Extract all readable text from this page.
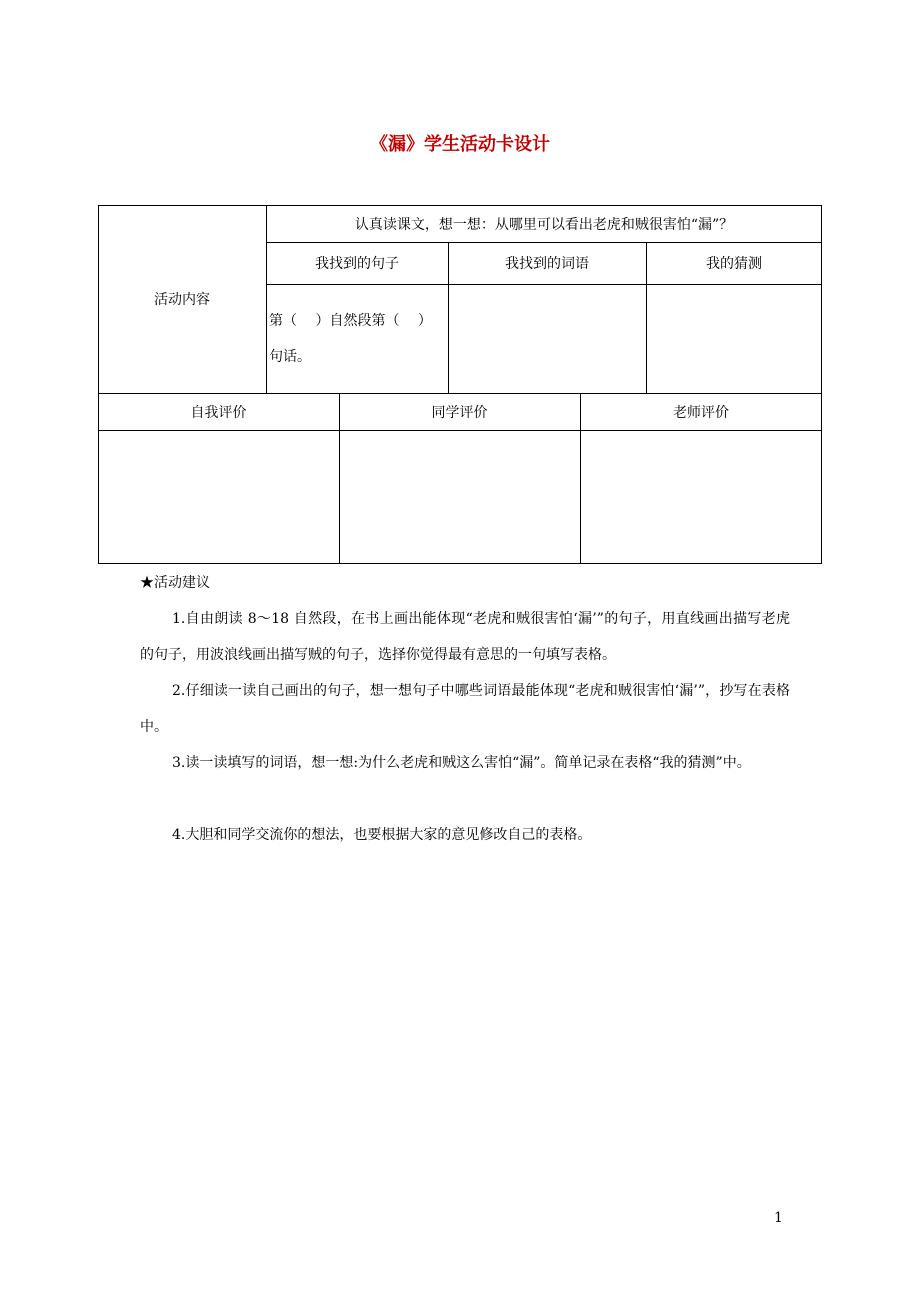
《漏》学生活动卡设计
活动内容
认真读课文，想一想：从哪里可以看出老虎和贼很害怕“漏”？
我找到的句子	我找到的词语	我的猜测
第（　 ）自然段第（　 ）
句话。
自我评价	同学评价	老师评价
★活动建议
1.自由朗读 8～18 自然段，在书上画出能体现“老虎和贼很害怕‘漏’”的句子，用直线画出描写老虎的句子，用波浪线画出描写贼的句子，选择你觉得最有意思的一句填写表格。
2.仔细读一读自己画出的句子，想一想句子中哪些词语最能体现“老虎和贼很害怕‘漏’”，抄写在表格中。
3.读一读填写的词语，想一想:为什么老虎和贼这么害怕“漏”。简单记录在表格“我的猜测”中。
4.大胆和同学交流你的想法，也要根据大家的意见修改自己的表格。
1
